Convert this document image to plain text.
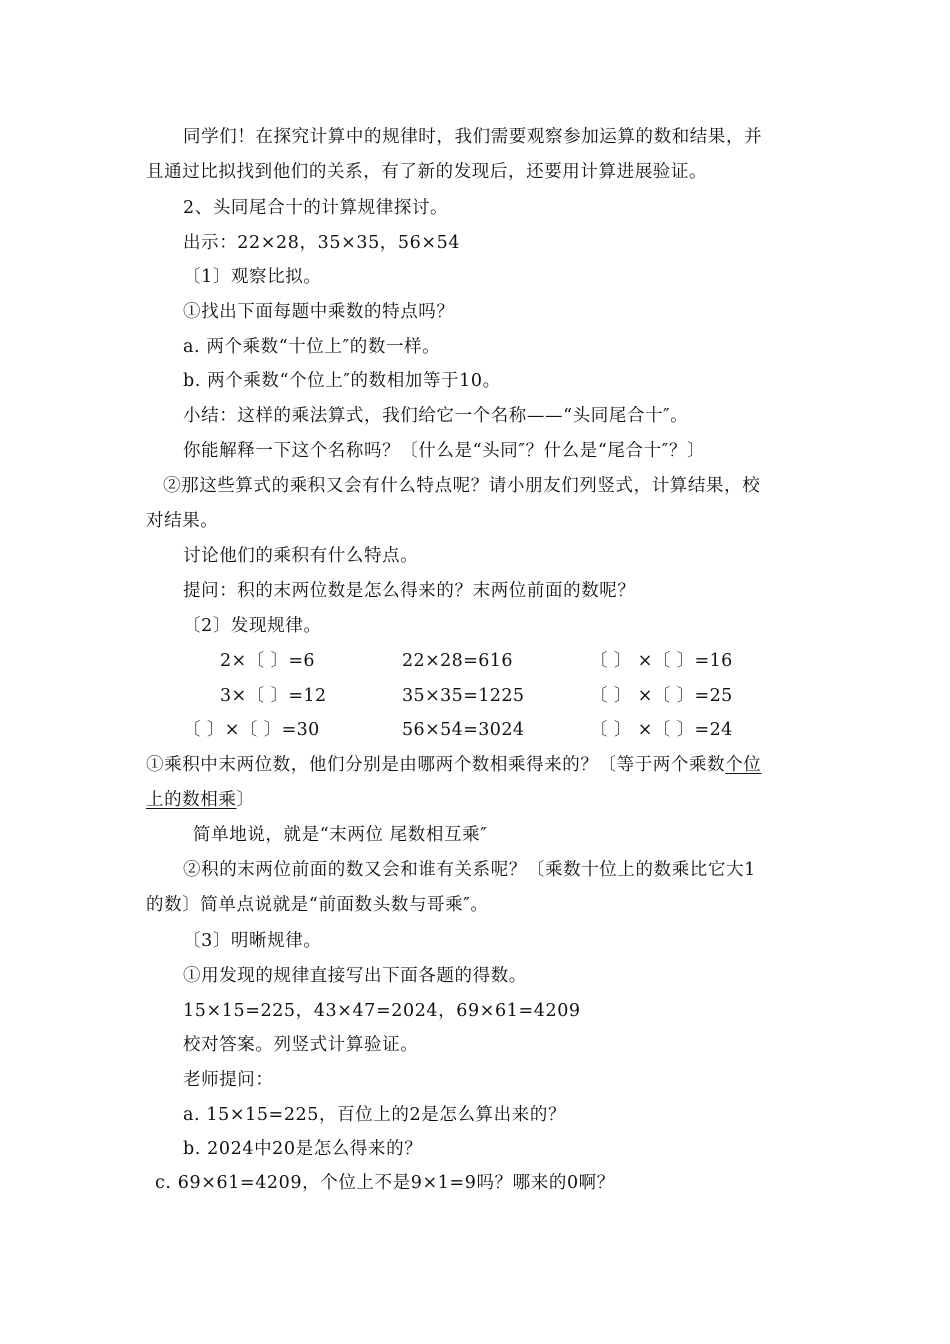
同学们！在探究计算中的规律时，我们需要观察参加运算的数和结果，并
且通过比拟找到他们的关系，有了新的发现后，还要用计算进展验证。
2、头同尾合十的计算规律探讨。
出示：22×28，35×35，56×54
〔1〕观察比拟。
①找出下面每题中乘数的特点吗？
a. 两个乘数“十位上″的数一样。
b. 两个乘数“个位上″的数相加等于10。
小结：这样的乘法算式，我们给它一个名称——“头同尾合十″。
你能解释一下这个名称吗？〔什么是“头同″？什么是“尾合十″？〕
②那这些算式的乘积又会有什么特点呢？请小朋友们列竖式，计算结果，校
对结果。
讨论他们的乘积有什么特点。
提问：积的末两位数是怎么得来的？末两位前面的数呢？
〔2〕发现规律。
2×〔 〕=6	22×28=616	〔 〕 ×〔 〕=16
3×〔 〕=12	35×35=1225	〔 〕 ×〔 〕=25
〔 〕×〔 〕=30	56×54=3024	〔 〕 ×〔 〕=24
①乘积中末两位数，他们分别是由哪两个数相乘得来的？〔等于两个乘数个位
上的数相乘〕
简单地说，就是“末两位 尾数相互乘″
②积的末两位前面的数又会和谁有关系呢？〔乘数十位上的数乘比它大1
的数〕简单点说就是“前面数头数与哥乘″。
〔3〕明晰规律。
①用发现的规律直接写出下面各题的得数。
15×15=225，43×47=2024，69×61=4209
校对答案。列竖式计算验证。
老师提问：
a. 15×15=225，百位上的2是怎么算出来的？
b. 2024中20是怎么得来的？
c. 69×61=4209，个位上不是9×1=9吗？哪来的0啊？
